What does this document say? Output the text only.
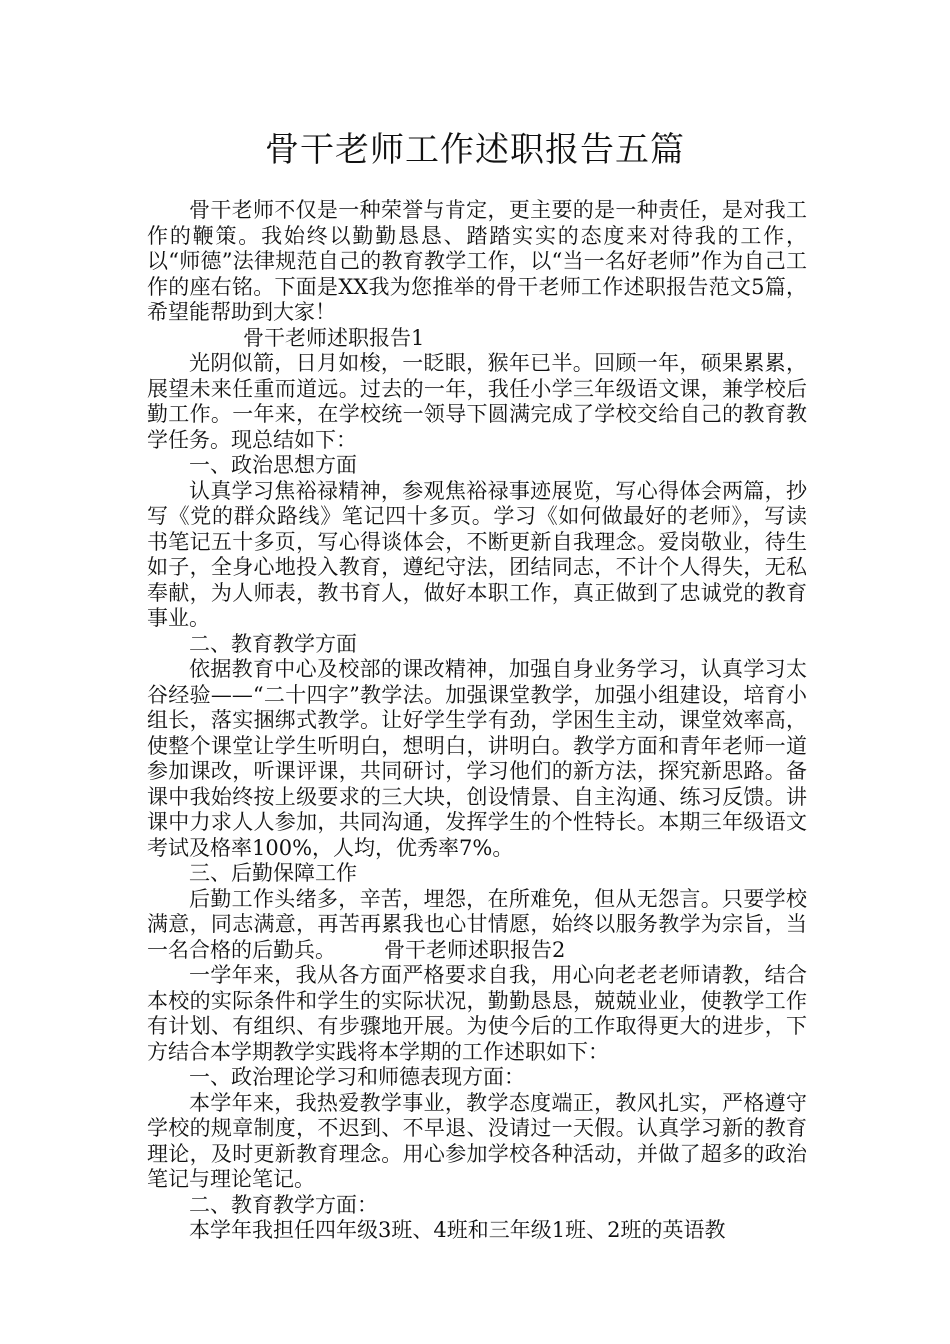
骨干老师工作述职报告五篇

骨干老师不仅是一种荣誉与肯定，更主要的是一种责任，是对我工作的鞭策。我始终以勤勤恳恳、踏踏实实的态度来对待我的工作，以“师德”法律规范自己的教育教学工作，以“当一名好老师”作为自己工作的座右铭。下面是XX我为您推举的骨干老师工作述职报告范文5篇，希望能帮助到大家！

骨干老师述职报告1

光阴似箭，日月如梭，一眨眼，猴年已半。回顾一年，硕果累累，展望未来任重而道远。过去的一年，我任小学三年级语文课，兼学校后勤工作。一年来，在学校统一领导下圆满完成了学校交给自己的教育教学任务。现总结如下：

一、政治思想方面

认真学习焦裕禄精神，参观焦裕禄事迹展览，写心得体会两篇，抄写《党的群众路线》笔记四十多页。学习《如何做最好的老师》，写读书笔记五十多页，写心得谈体会，不断更新自我理念。爱岗敬业，待生如子，全身心地投入教育，遵纪守法，团结同志，不计个人得失，无私奉献，为人师表，教书育人，做好本职工作，真正做到了忠诚党的教育事业。

二、教育教学方面

依据教育中心及校部的课改精神，加强自身业务学习，认真学习太谷经验——“二十四字”教学法。加强课堂教学，加强小组建设，培育小组长，落实捆绑式教学。让好学生学有劲，学困生主动，课堂效率高，使整个课堂让学生听明白，想明白，讲明白。教学方面和青年老师一道参加课改，听课评课，共同研讨，学习他们的新方法，探究新思路。备课中我始终按上级要求的三大块，创设情景、自主沟通、练习反馈。讲课中力求人人参加，共同沟通，发挥学生的个性特长。本期三年级语文考试及格率100%，人均，优秀率7%。

三、后勤保障工作

后勤工作头绪多，辛苦，埋怨，在所难免，但从无怨言。只要学校满意，同志满意，再苦再累我也心甘情愿，始终以服务教学为宗旨，当一名合格的后勤兵。 骨干老师述职报告2

一学年来，我从各方面严格要求自我，用心向老老老师请教，结合本校的实际条件和学生的实际状况，勤勤恳恳，兢兢业业，使教学工作有计划、有组织、有步骤地开展。为使今后的工作取得更大的进步，下方结合本学期教学实践将本学期的工作述职如下：

一、政治理论学习和师德表现方面：

本学年来，我热爱教学事业，教学态度端正，教风扎实，严格遵守学校的规章制度，不迟到、不早退、没请过一天假。认真学习新的教育理论，及时更新教育理念。用心参加学校各种活动，并做了超多的政治笔记与理论笔记。

二、教育教学方面：

本学年我担任四年级3班、4班和三年级1班、2班的英语教
